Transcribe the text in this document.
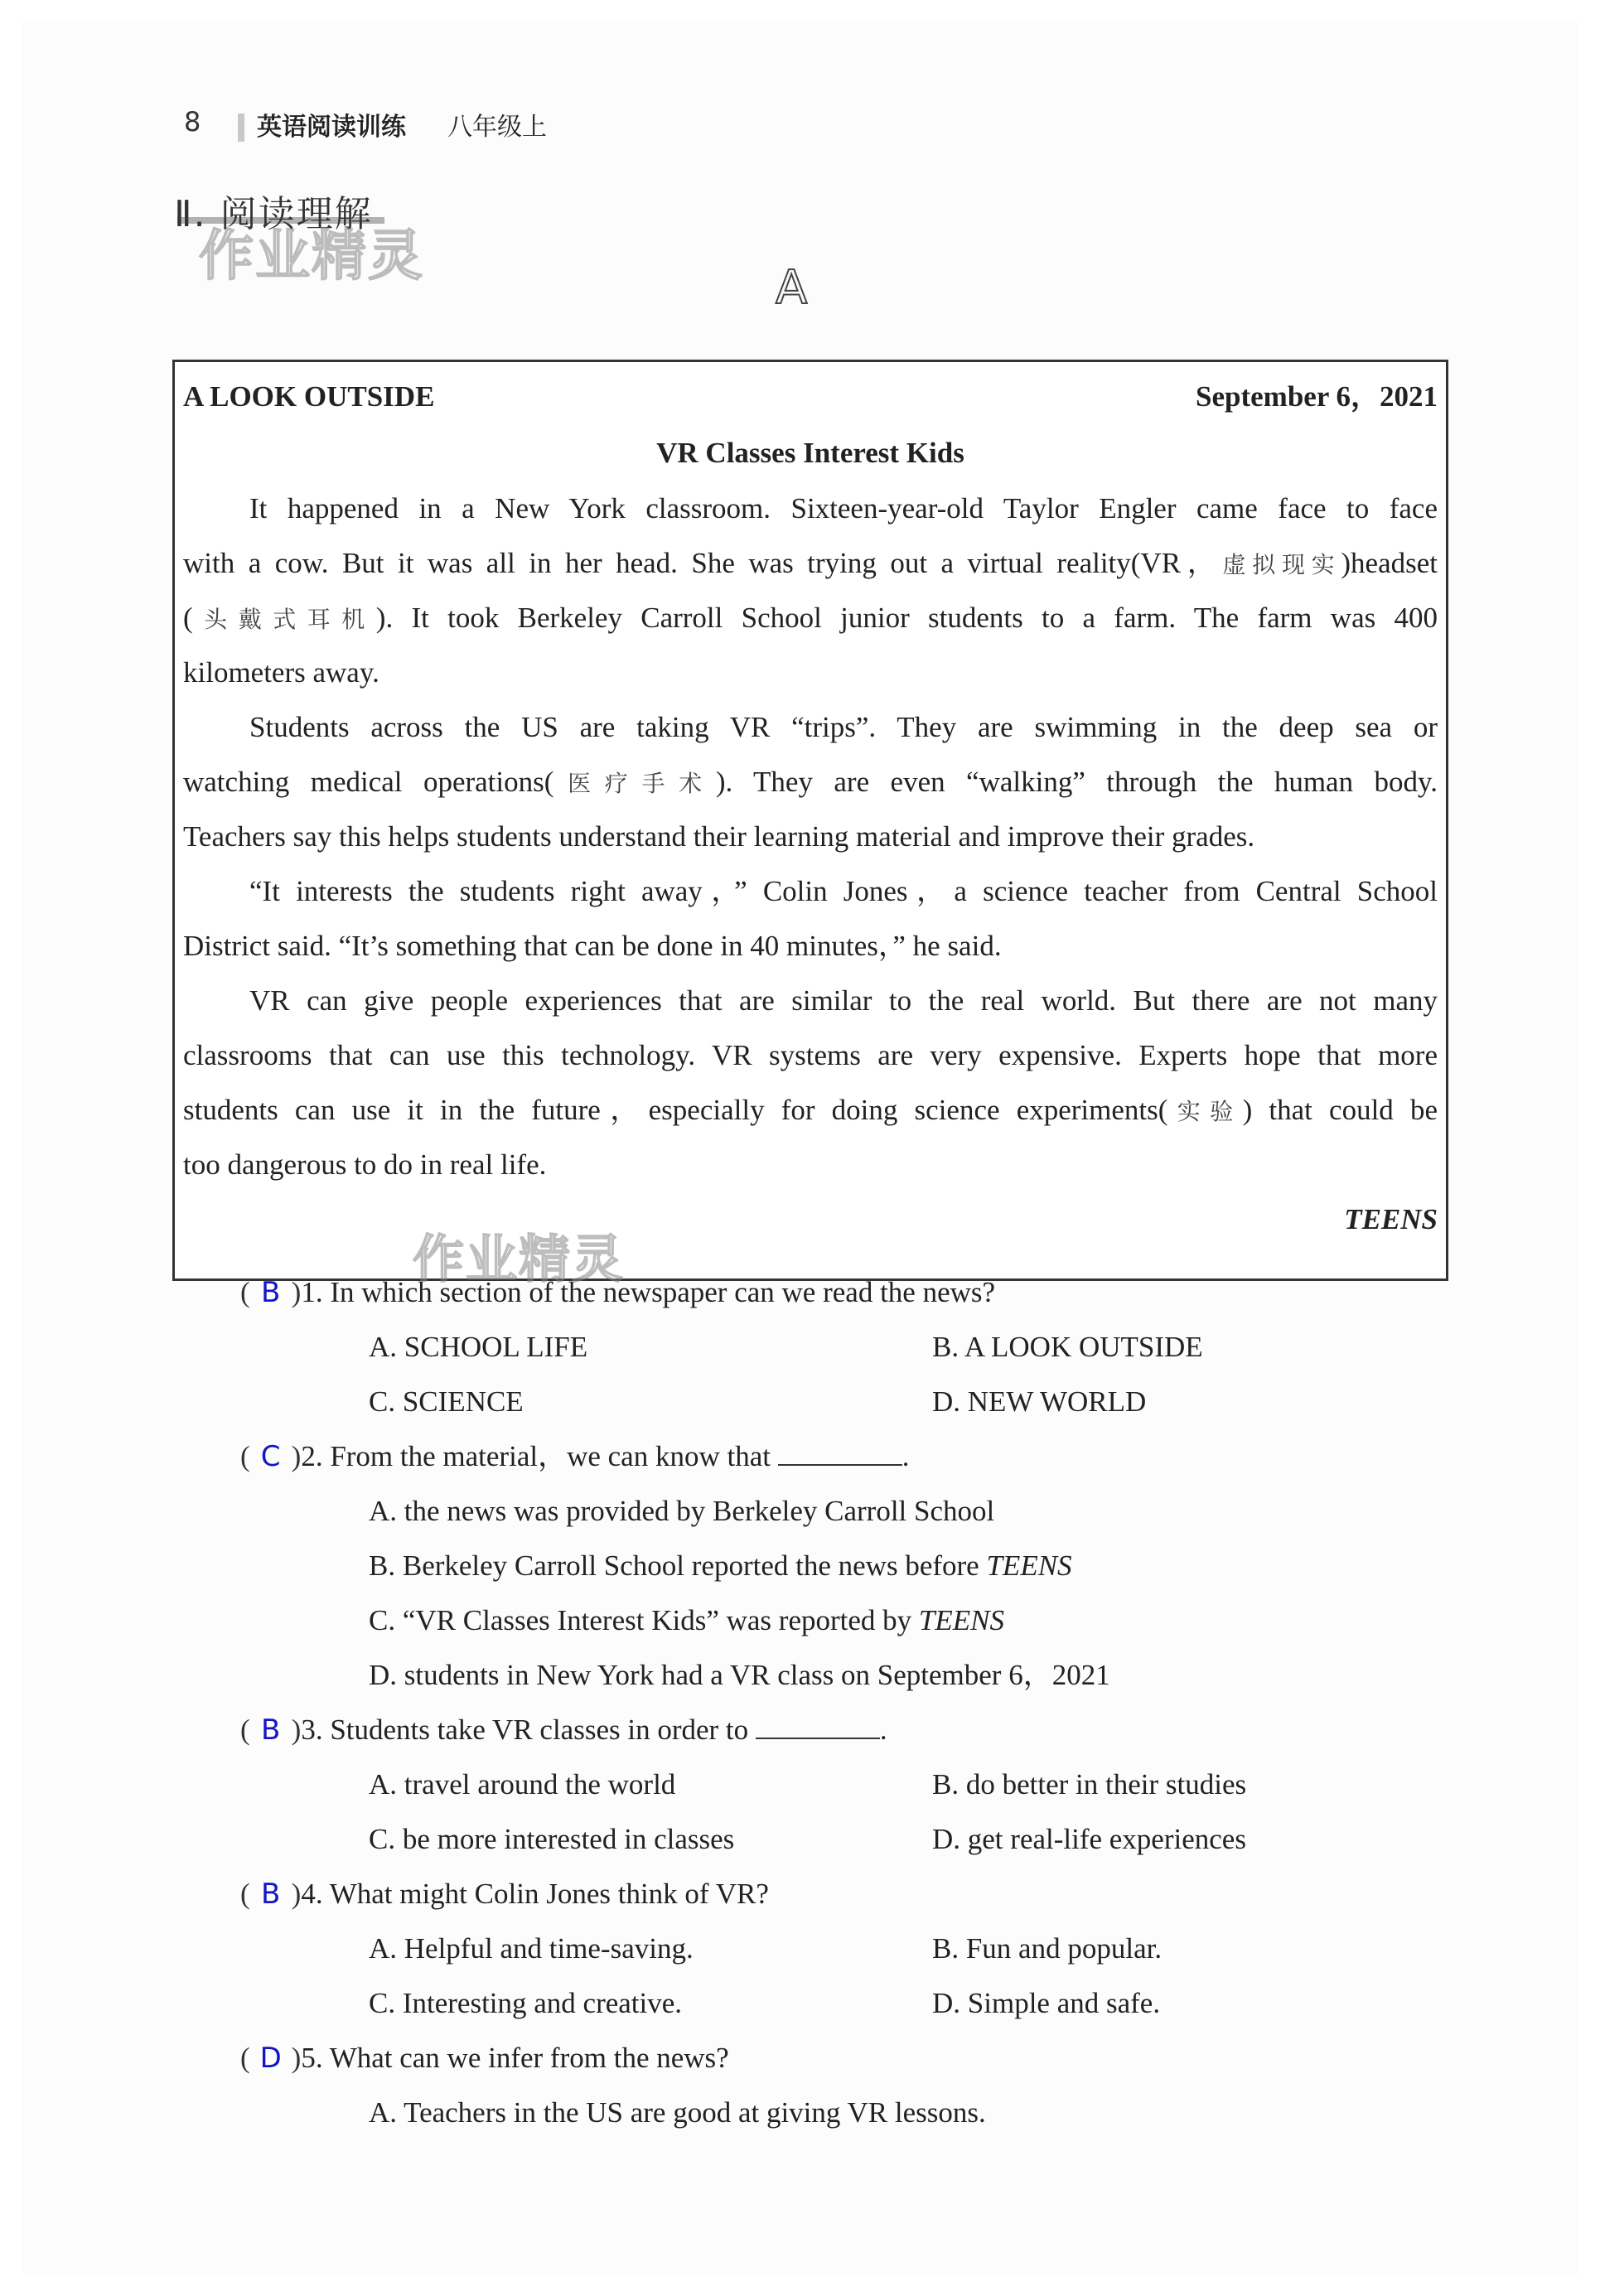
8 英语阅读训练 八年级上
Ⅱ. 阅读理解
作业精灵
A
A LOOK OUTSIDE	September 6，2021
VR Classes Interest Kids
It happened in a New York classroom. Sixteen-year-old Taylor Engler came face to face
with a cow. But it was all in her head. She was trying out a virtual reality(VR，虚拟现实)headset
(头戴式耳机). It took Berkeley Carroll School junior students to a farm. The farm was 400
kilometers away.
Students across the US are taking VR “trips”. They are swimming in the deep sea or
watching medical operations(医疗手术). They are even “walking” through the human body.
Teachers say this helps students understand their learning material and improve their grades.
“It interests the students right away，” Colin Jones，a science teacher from Central School
District said. “It’s something that can be done in 40 minutes，” he said.
VR can give people experiences that are similar to the real world. But there are not many
classrooms that can use this technology. VR systems are very expensive. Experts hope that more
students can use it in the future，especially for doing science experiments(实验) that could be
too dangerous to do in real life.
TEENS
作业精灵
( B )1. In which section of the newspaper can we read the news?
A. SCHOOL LIFE	B. A LOOK OUTSIDE
C. SCIENCE	D. NEW WORLD
( C )2. From the material，we can know that	.
A. the news was provided by Berkeley Carroll School
B. Berkeley Carroll School reported the news before TEENS
C. “VR Classes Interest Kids” was reported by TEENS
D. students in New York had a VR class on September 6，2021
( B )3. Students take VR classes in order to	.
A. travel around the world	B. do better in their studies
C. be more interested in classes	D. get real-life experiences
( B )4. What might Colin Jones think of VR?
A. Helpful and time-saving.	B. Fun and popular.
C. Interesting and creative.	D. Simple and safe.
( D )5. What can we infer from the news?
A. Teachers in the US are good at giving VR lessons.
